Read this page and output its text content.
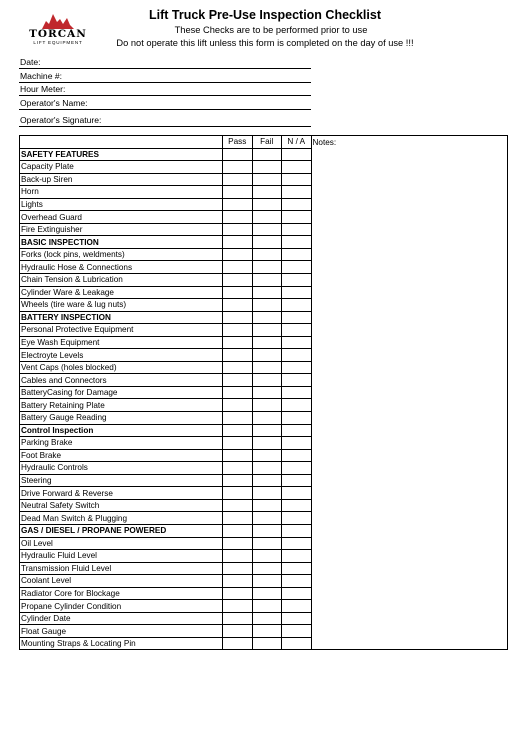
TORCAN
LIFT EQUIPMENT
Lift Truck Pre-Use Inspection Checklist
These Checks are to be performed prior to use
Do not operate this lift unless this form is completed on the day of use !!!
Date:
Machine #:
Hour Meter:
Operator's Name:
Operator's Signature:
	Pass	Fail	N / A	Notes:
SAFETY FEATURES				
Capacity Plate				
Back-up Siren				
Horn				
Lights				
Overhead Guard				
Fire Extinguisher				
BASIC INSPECTION				
Forks (lock pins, weldments)				
Hydraulic Hose & Connections				
Chain Tension & Lubrication				
Cylinder Ware & Leakage				
Wheels (tire ware & lug nuts)				
BATTERY INSPECTION				
Personal Protective Equipment				
Eye Wash Equipment				
Electroyte Levels				
Vent Caps (holes blocked)				
Cables and Connectors				
BatteryCasing for Damage				
Battery Retaining Plate				
Battery Gauge Reading				
Control Inspection				
Parking Brake				
Foot Brake				
Hydraulic Controls				
Steering				
Drive Forward & Reverse				
Neutral Safety Switch				
Dead Man Switch & Plugging				
GAS / DIESEL / PROPANE POWERED				
Oil Level				
Hydraulic Fluid Level				
Transmission Fluid Level				
Coolant Level				
Radiator Core for Blockage				
Propane Cylinder Condition				
Cylinder Date				
Float Gauge				
Mounting Straps & Locating Pin				
